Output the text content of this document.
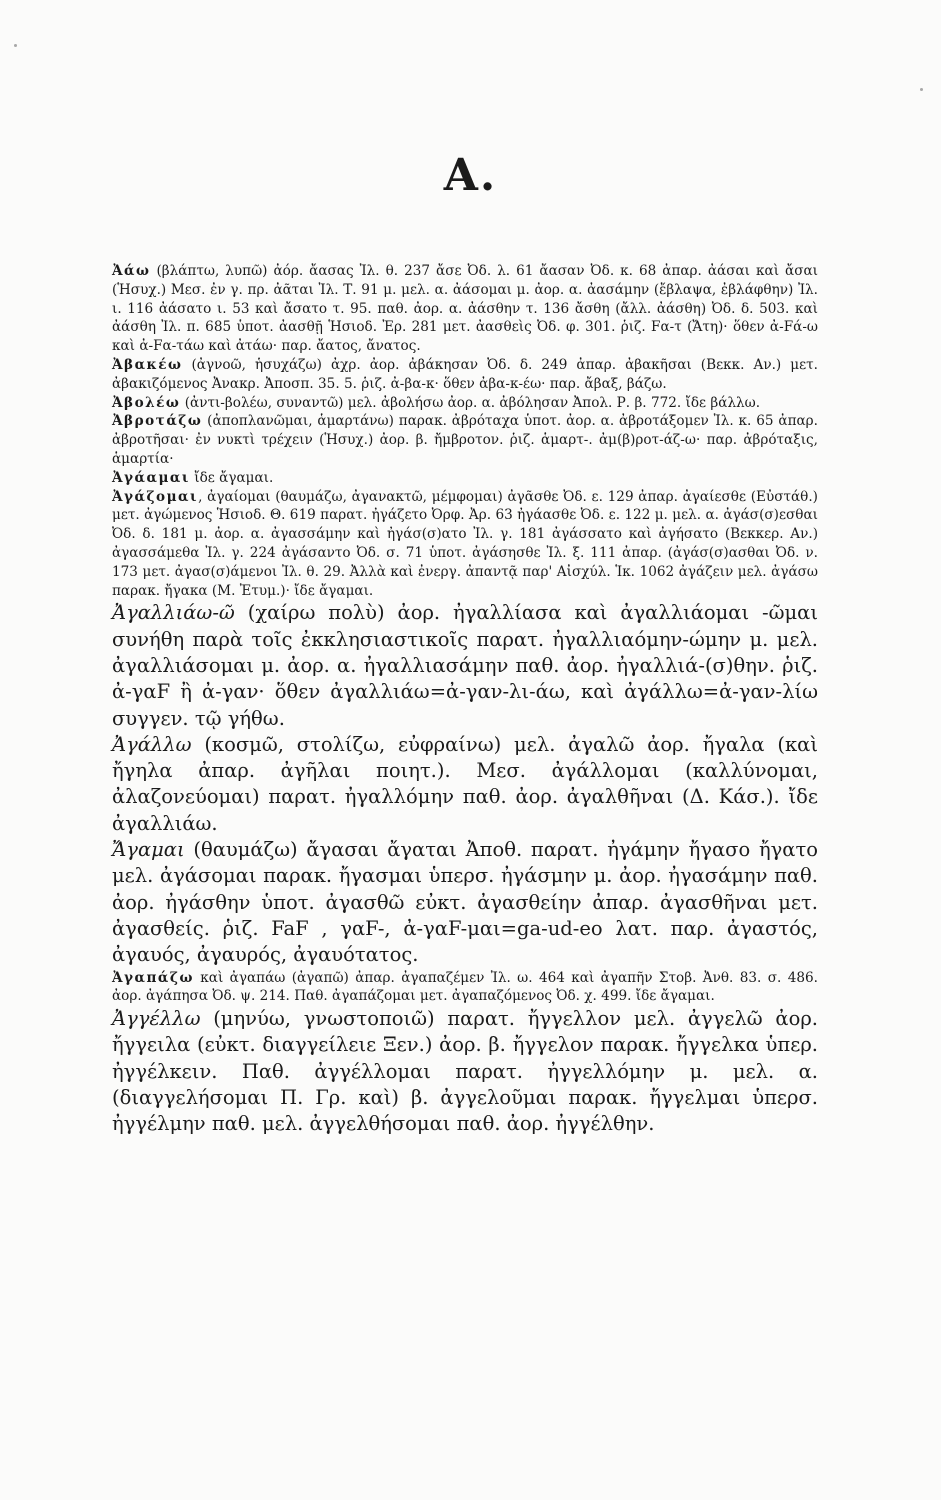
A.

Ἀάω (βλάπτω, λυπῶ) ἀόρ. ἄασας Ἰλ. θ. 237 ἄσε Ὀδ. λ. 61 ἄασαν Ὀδ. κ. 68 ἀπαρ. ἀάσαι καὶ ἄσαι (Ἡσυχ.) Μεσ. ἐν γ. πρ. ἀᾶται Ἰλ. Τ. 91 μ. μελ. α. ἀάσομαι μ. ἀορ. α. ἀασάμην (ἔβλαψα, ἐβλάφθην) Ἰλ. ι. 116 ἀάσατο ι. 53 καὶ ἄσατο τ. 95. παθ. ἀορ. α. ἀάσθην τ. 136 ἄσθη (ἄλλ. ἀάσθη) Ὀδ. δ. 503. καὶ ἀάσθη Ἰλ. π. 685 ὑποτ. ἀασθῇ Ἡσιοδ. Ἐρ. 281 μετ. ἀασθεὶς Ὀδ. φ. 301. ῥιζ. Fα-τ (Ἄτη)· ὅθεν ἀ-Fά-ω καὶ ἀ-Fα-τάω καὶ ἀτάω· παρ. ἄατος, ἄνατος.

Ἀβακέω (ἀγνοῶ, ἡσυχάζω) ἀχρ. ἀορ. ἀβάκησαν Ὀδ. δ. 249 ἀπαρ. ἀβακῆσαι (Βεκκ. Αν.) μετ. ἀβακιζόμενος Ἀνακρ. Ἀποσπ. 35. 5. ῥιζ. ἀ-βα-κ· ὅθεν ἀβα-κ-έω· παρ. ἄβαξ, βάζω.

Ἀβολέω (ἀντι-βολέω, συναντῶ) μελ. ἀβολήσω ἀορ. α. ἀβόλησαν Ἀπολ. Ρ. β. 772. ἴδε βάλλω.

Ἀβροτάζω (ἀποπλανῶμαι, ἁμαρτάνω) παρακ. ἀβρόταχα ὑποτ. ἀορ. α. ἀβροτάξομεν Ἰλ. κ. 65 ἀπαρ. ἀβροτῆσαι· ἐν νυκτὶ τρέχειν (Ἡσυχ.) ἀορ. β. ἤμβροτον. ῥιζ. ἁμαρτ-. ἀμ(β)ροτ-άζ-ω· παρ. ἀβρόταξις, ἁμαρτία·

Ἀγάαμαι ἴδε ἄγαμαι.

Ἀγάζομαι, ἀγαίομαι (θαυμάζω, ἀγανακτῶ, μέμφομαι) ἀγᾶσθε Ὀδ. ε. 129 ἀπαρ. ἀγαίεσθε (Εὐστάθ.) μετ. ἀγώμενος Ἡσιοδ. Θ. 619 παρατ. ἠγάζετο Ὀρφ. Ἀρ. 63 ἠγάασθε Ὀδ. ε. 122 μ. μελ. α. ἀγάσ(σ)εσθαι Ὀδ. δ. 181 μ. ἀορ. α. ἀγασσάμην καὶ ἠγάσ(σ)ατο Ἰλ. γ. 181 ἀγάσσατο καὶ ἀγήσατο (Βεκκερ. Αν.) ἀγασσάμεθα Ἰλ. γ. 224 ἀγάσαντο Ὀδ. σ. 71 ὑποτ. ἀγάσησθε Ἰλ. ξ. 111 ἀπαρ. (ἀγάσ(σ)ασθαι Ὀδ. ν. 173 μετ. ἀγασ(σ)άμενοι Ἰλ. θ. 29. Ἀλλὰ καὶ ἐνεργ. ἀπαντᾷ παρ' Αἰσχύλ. Ἱκ. 1062 ἀγάζειν μελ. ἀγάσω παρακ. ἤγακα (Μ. Ἐτυμ.)· ἴδε ἄγαμαι.

Ἀγαλλιάω-ῶ (χαίρω πολὺ) ἀορ. ἠγαλλίασα καὶ ἀγαλλιάομαι -ῶμαι συνήθη παρὰ τοῖς ἐκκλησιαστικοῖς παρατ. ἠγαλλιαόμην-ώμην μ. μελ. ἀγαλλιάσομαι μ. ἀορ. α. ἠγαλλιασάμην παθ. ἀορ. ἠγαλλιά-(σ)θην. ῥιζ. ἀ-γαF ἢ ἀ-γαν· ὅθεν ἀγαλλιάω=ἀ-γαν-λι-άω, καὶ ἀγάλλω=ἀ-γαν-λίω συγγεν. τῷ γήθω.

Ἀγάλλω (κοσμῶ, στολίζω, εὐφραίνω) μελ. ἀγαλῶ ἀορ. ἤγαλα (καὶ ἤγηλα ἀπαρ. ἀγῆλαι ποιητ.). Μεσ. ἀγάλλομαι (καλλύνομαι, ἀλαζονεύομαι) παρατ. ἠγαλλόμην παθ. ἀορ. ἀγαλθῆναι (Δ. Κάσ.). ἴδε ἀγαλλιάω.

Ἄγαμαι (θαυμάζω) ἄγασαι ἄγαται Ἀποθ. παρατ. ἠγάμην ἤγασο ἤγατο μελ. ἀγάσομαι παρακ. ἤγασμαι ὑπερσ. ἠγάσμην μ. ἀορ. ἠγασάμην παθ. ἀορ. ἠγάσθην ὑποτ. ἀγασθῶ εὐκτ. ἀγασθείην ἀπαρ. ἀγασθῆναι μετ. ἀγασθείς. ῥιζ. FaF , γαF-, ἀ-γαF-μαι=ga-ud-eo λατ. παρ. ἀγαστός, ἀγαυός, ἀγαυρός, ἀγαυότατος.

Ἀγαπάζω καὶ ἀγαπάω (ἀγαπῶ) ἀπαρ. ἀγαπαζέμεν Ἰλ. ω. 464 καὶ ἀγαπῆν Στοβ. Ἀνθ. 83. σ. 486. ἀορ. ἀγάπησα Ὀδ. ψ. 214. Παθ. ἀγαπάζομαι μετ. ἀγαπαζόμενος Ὀδ. χ. 499. ἴδε ἄγαμαι.

Ἀγγέλλω (μηνύω, γνωστοποιῶ) παρατ. ἤγγελλον μελ. ἀγγελῶ ἀορ. ἤγγειλα (εὐκτ. διαγγείλειε Ξεν.) ἀορ. β. ἤγγελον παρακ. ἤγγελκα ὑπερ. ἠγγέλκειν. Παθ. ἀγγέλλομαι παρατ. ἠγγελλόμην μ. μελ. α. (διαγγελήσομαι Π. Γρ. καὶ) β. ἀγγελοῦμαι παρακ. ἤγγελμαι ὑπερσ. ἠγγέλμην παθ. μελ. ἀγγελθήσομαι παθ. ἀορ. ἠγγέλθην.
